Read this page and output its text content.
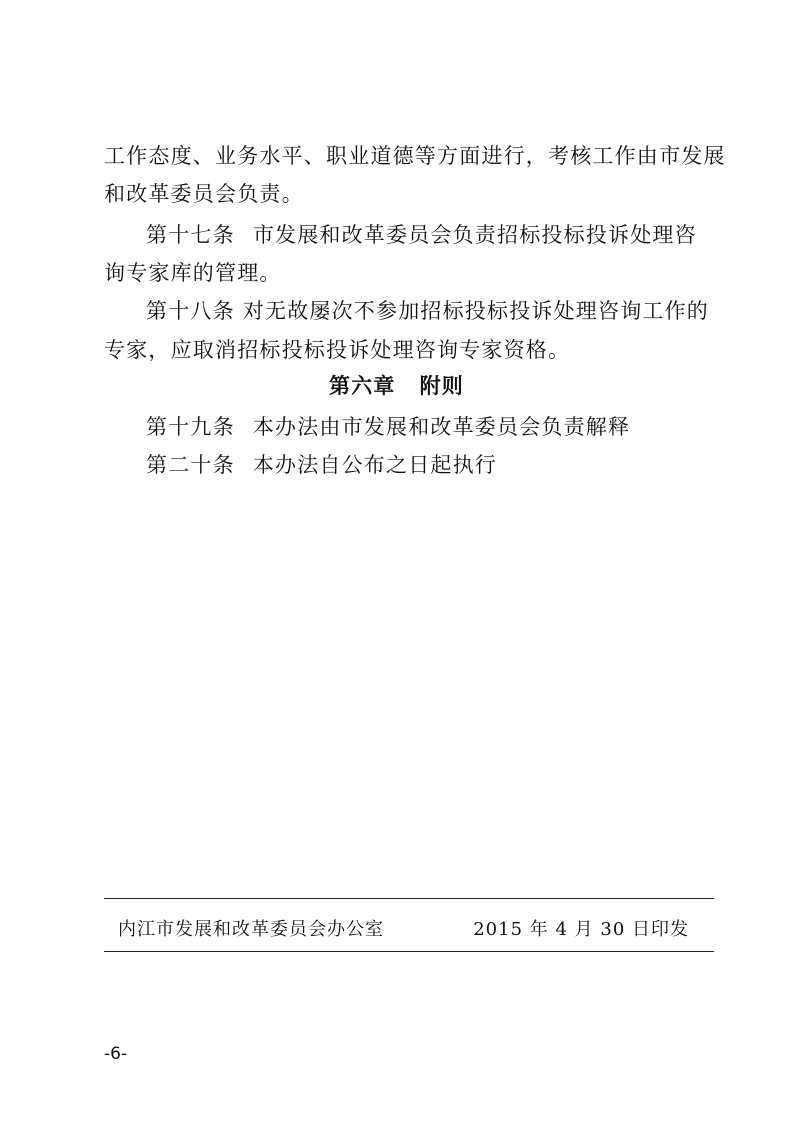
工作态度、业务水平、职业道德等方面进行，考核工作由市发展
和改革委员会负责。
第十七条 市发展和改革委员会负责招标投标投诉处理咨
询专家库的管理。
第十八条 对无故屡次不参加招标投标投诉处理咨询工作的
专家，应取消招标投标投诉处理咨询专家资格。
第六章 附则
第十九条 本办法由市发展和改革委员会负责解释
第二十条 本办法自公布之日起执行
内江市发展和改革委员会办公室	2015 年 4 月 30 日印发
-6-
